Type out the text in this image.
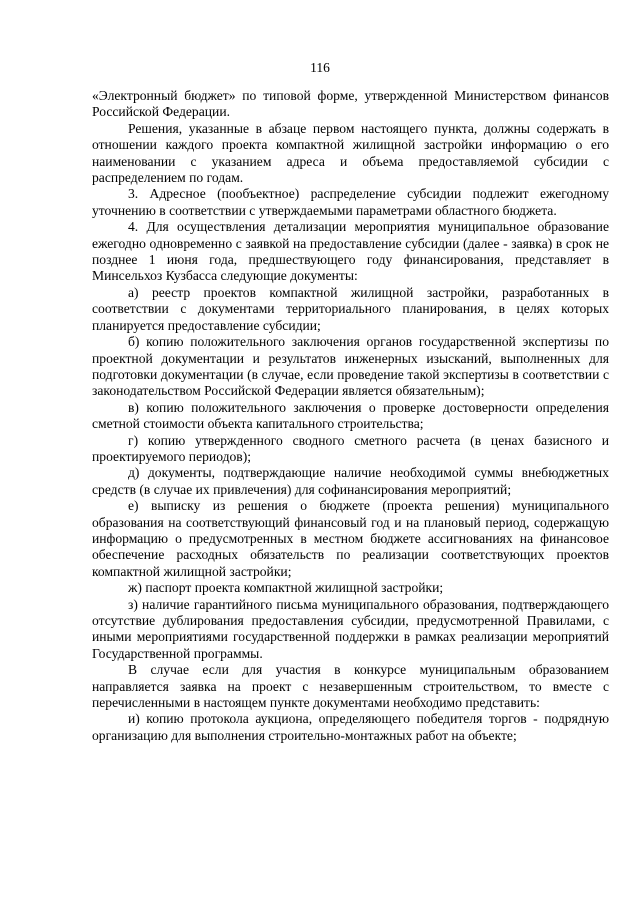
116

«Электронный бюджет» по типовой форме, утвержденной Министерством финансов Российской Федерации.

Решения, указанные в абзаце первом настоящего пункта, должны содержать в отношении каждого проекта компактной жилищной застройки информацию о его наименовании с указанием адреса и объема предоставляемой субсидии с распределением по годам.

3. Адресное (пообъектное) распределение субсидии подлежит ежегодному уточнению в соответствии с утверждаемыми параметрами областного бюджета.

4. Для осуществления детализации мероприятия муниципальное образование ежегодно одновременно с заявкой на предоставление субсидии (далее - заявка) в срок не позднее 1 июня года, предшествующего году финансирования, представляет в Минсельхоз Кузбасса следующие документы:

а) реестр проектов компактной жилищной застройки, разработанных в соответствии с документами территориального планирования, в целях которых планируется предоставление субсидии;

б) копию положительного заключения органов государственной экспертизы по проектной документации и результатов инженерных изысканий, выполненных для подготовки документации (в случае, если проведение такой экспертизы в соответствии с законодательством Российской Федерации является обязательным);

в) копию положительного заключения о проверке достоверности определения сметной стоимости объекта капитального строительства;

г) копию утвержденного сводного сметного расчета (в ценах базисного и проектируемого периодов);

д) документы, подтверждающие наличие необходимой суммы внебюджетных средств (в случае их привлечения) для софинансирования мероприятий;

е) выписку из решения о бюджете (проекта решения) муниципального образования на соответствующий финансовый год и на плановый период, содержащую информацию о предусмотренных в местном бюджете ассигнованиях на финансовое обеспечение расходных обязательств по реализации соответствующих проектов компактной жилищной застройки;

ж) паспорт проекта компактной жилищной застройки;

з) наличие гарантийного письма муниципального образования, подтверждающего отсутствие дублирования предоставления субсидии, предусмотренной Правилами, с иными мероприятиями государственной поддержки в рамках реализации мероприятий Государственной программы.

В случае если для участия в конкурсе муниципальным образованием направляется заявка на проект с незавершенным строительством, то вместе с перечисленными в настоящем пункте документами необходимо представить:

и) копию протокола аукциона, определяющего победителя торгов - подрядную организацию для выполнения строительно-монтажных работ на объекте;
